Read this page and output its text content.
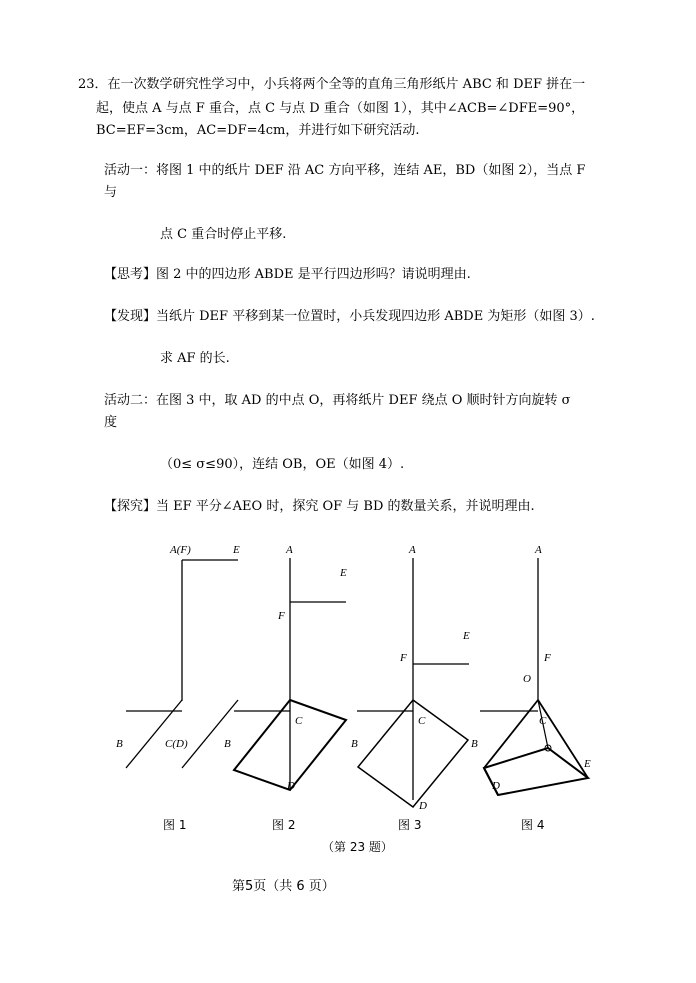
23．在一次数学研究性学习中，小兵将两个全等的直角三角形纸片 ABC 和 DEF 拼在一
起，使点 A 与点 F 重合，点 C 与点 D 重合（如图 1），其中∠ACB=∠DFE=90°，
BC=EF=3cm，AC=DF=4cm，并进行如下研究活动.
活动一：将图 1 中的纸片 DEF 沿 AC 方向平移，连结 AE，BD（如图 2），当点 F
与
点 C 重合时停止平移.
【思考】图 2 中的四边形 ABDE 是平行四边形吗？请说明理由.
【发现】当纸片 DEF 平移到某一位置时，小兵发现四边形 ABDE 为矩形（如图 3）.
求 AF 的长.
活动二：在图 3 中，取 AD 的中点 O，再将纸片 DEF 绕点 O 顺时针方向旋转 σ
度
（0≤ σ≤90），连结 OB，OE（如图 4）.
【探究】当 EF 平分∠AEO 时，探究 OF 与 BD 的数量关系，并说明理由.
A(F)	E
B	C(D)
A
E
F
B
C
D
A
E
F
B
C
B
D
A
F
O
C
E
D
图 1	图 2	图 3	图 4
（第 23 题）
第5页（共 6 页）
